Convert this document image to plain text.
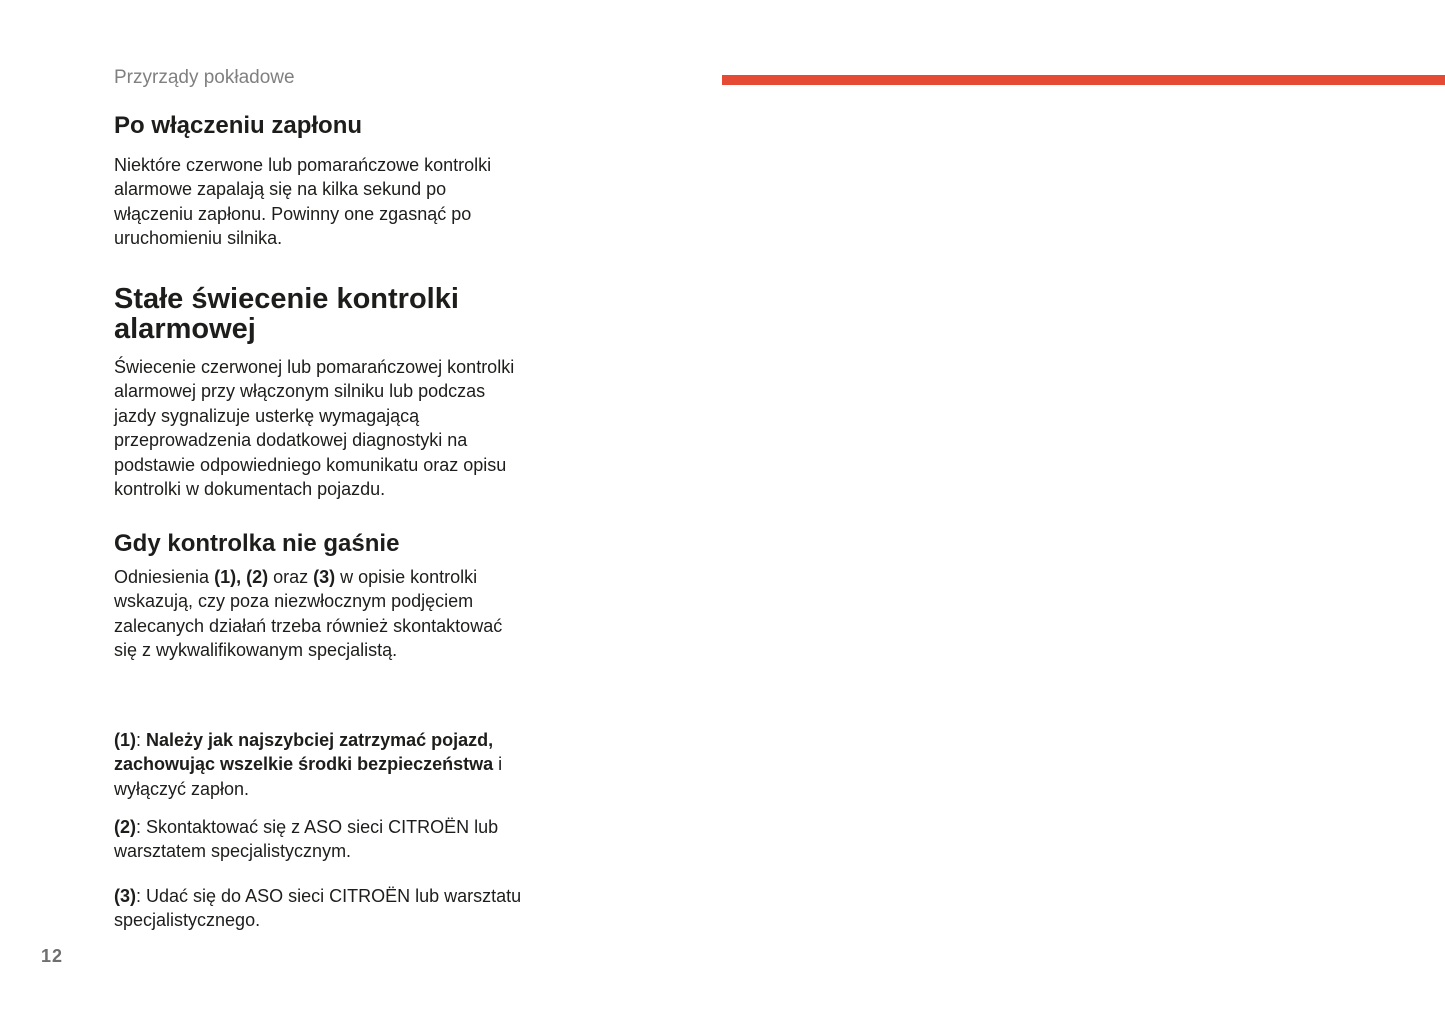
Przyrządy pokładowe

Po włączeniu zapłonu

Niektóre czerwone lub pomarańczowe kontrolki alarmowe zapalają się na kilka sekund po włączeniu zapłonu. Powinny one zgasnąć po uruchomieniu silnika.

Stałe świecenie kontrolki alarmowej

Świecenie czerwonej lub pomarańczowej kontrolki alarmowej przy włączonym silniku lub podczas jazdy sygnalizuje usterkę wymagającą przeprowadzenia dodatkowej diagnostyki na podstawie odpowiedniego komunikatu oraz opisu kontrolki w dokumentach pojazdu.

Gdy kontrolka nie gaśnie

Odniesienia (1), (2) oraz (3) w opisie kontrolki wskazują, czy poza niezwłocznym podjęciem zalecanych działań trzeba również skontaktować się z wykwalifikowanym specjalistą.

(1): Należy jak najszybciej zatrzymać pojazd, zachowując wszelkie środki bezpieczeństwa i wyłączyć zapłon.

(2): Skontaktować się z ASO sieci CITROËN lub warsztatem specjalistycznym.

(3): Udać się do ASO sieci CITROËN lub warsztatu specjalistycznego.

12
